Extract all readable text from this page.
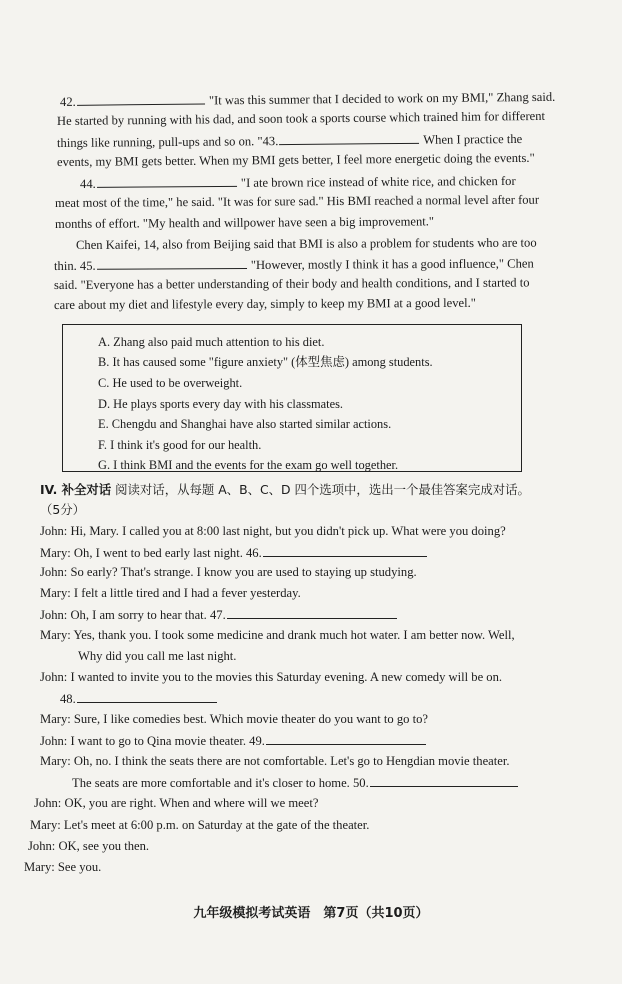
42.	"It was this summer that I decided to work on my BMI," Zhang said.
He started by running with his dad, and soon took a sports course which trained him for different
things like running, pull-ups and so on. "43.	When I practice the
events, my BMI gets better. When my BMI gets better, I feel more energetic doing the events."
44.	"I ate brown rice instead of white rice, and chicken for
meat most of the time," he said. "It was for sure sad." His BMI reached a normal level after four
months of effort. "My health and willpower have seen a big improvement."
Chen Kaifei, 14, also from Beijing said that BMI is also a problem for students who are too
thin. 45.	"However, mostly I think it has a good influence," Chen
said. "Everyone has a better understanding of their body and health conditions, and I started to
care about my diet and lifestyle every day, simply to keep my BMI at a good level."
A. Zhang also paid much attention to his diet.
B. It has caused some "figure anxiety" (体型焦虑) among students.
C. He used to be overweight.
D. He plays sports every day with his classmates.
E. Chengdu and Shanghai have also started similar actions.
F. I think it's good for our health.
G. I think BMI and the events for the exam go well together.
IV. 补全对话 阅读对话，从每题 A、B、C、D 四个选项中，选出一个最佳答案完成对话。
（5分）
John: Hi, Mary. I called you at 8:00 last night, but you didn't pick up. What were you doing?
Mary: Oh, I went to bed early last night. 46.
John: So early? That's strange. I know you are used to staying up studying.
Mary: I felt a little tired and I had a fever yesterday.
John: Oh, I am sorry to hear that. 47.
Mary: Yes, thank you. I took some medicine and drank much hot water. I am better now. Well,
Why did you call me last night.
John: I wanted to invite you to the movies this Saturday evening. A new comedy will be on.
48.
Mary: Sure, I like comedies best. Which movie theater do you want to go to?
John: I want to go to Qina movie theater. 49.
Mary: Oh, no. I think the seats there are not comfortable. Let's go to Hengdian movie theater.
The seats are more comfortable and it's closer to home. 50.
John: OK, you are right. When and where will we meet?
Mary: Let's meet at 6:00 p.m. on Saturday at the gate of the theater.
John: OK, see you then.
Mary: See you.
九年级模拟考试英语　第7页（共10页）
